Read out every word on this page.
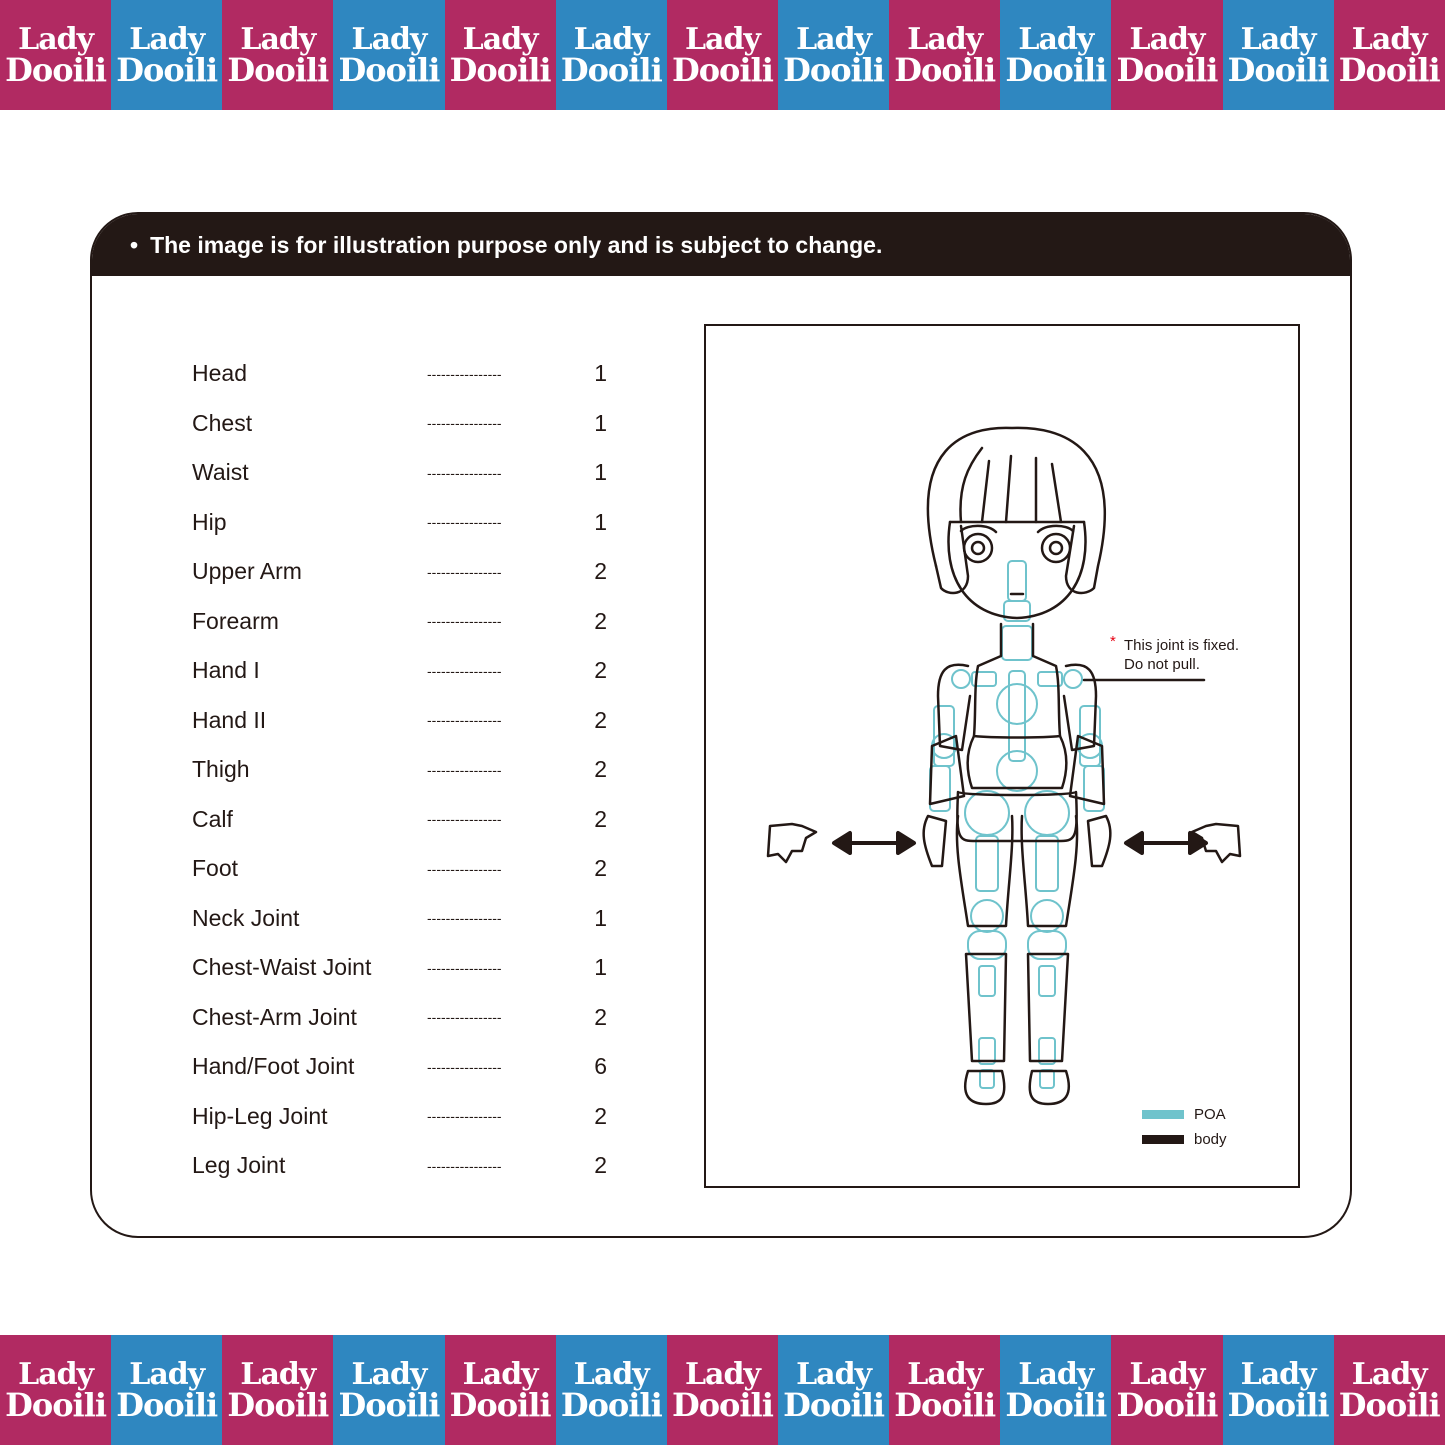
Lady
Dooili
Lady
Dooili
Lady
Dooili
Lady
Dooili
Lady
Dooili
Lady
Dooili
Lady
Dooili
Lady
Dooili
Lady
Dooili
Lady
Dooili
Lady
Dooili
Lady
Dooili
Lady
Dooili
• The image is for illustration purpose only and is subject to change.
Head	----------------	1
Chest	----------------	1
Waist	----------------	1
Hip	----------------	1
Upper Arm	----------------	2
Forearm	----------------	2
Hand I	----------------	2
Hand II	----------------	2
Thigh	----------------	2
Calf	----------------	2
Foot	----------------	2
Neck Joint	----------------	1
Chest-Waist Joint	----------------	1
Chest-Arm Joint	----------------	2
Hand/Foot Joint	----------------	6
Hip-Leg Joint	----------------	2
Leg Joint	----------------	2
* This joint is fixed.
Do not pull.
POA
body
Lady
Dooili
Lady
Dooili
Lady
Dooili
Lady
Dooili
Lady
Dooili
Lady
Dooili
Lady
Dooili
Lady
Dooili
Lady
Dooili
Lady
Dooili
Lady
Dooili
Lady
Dooili
Lady
Dooili
